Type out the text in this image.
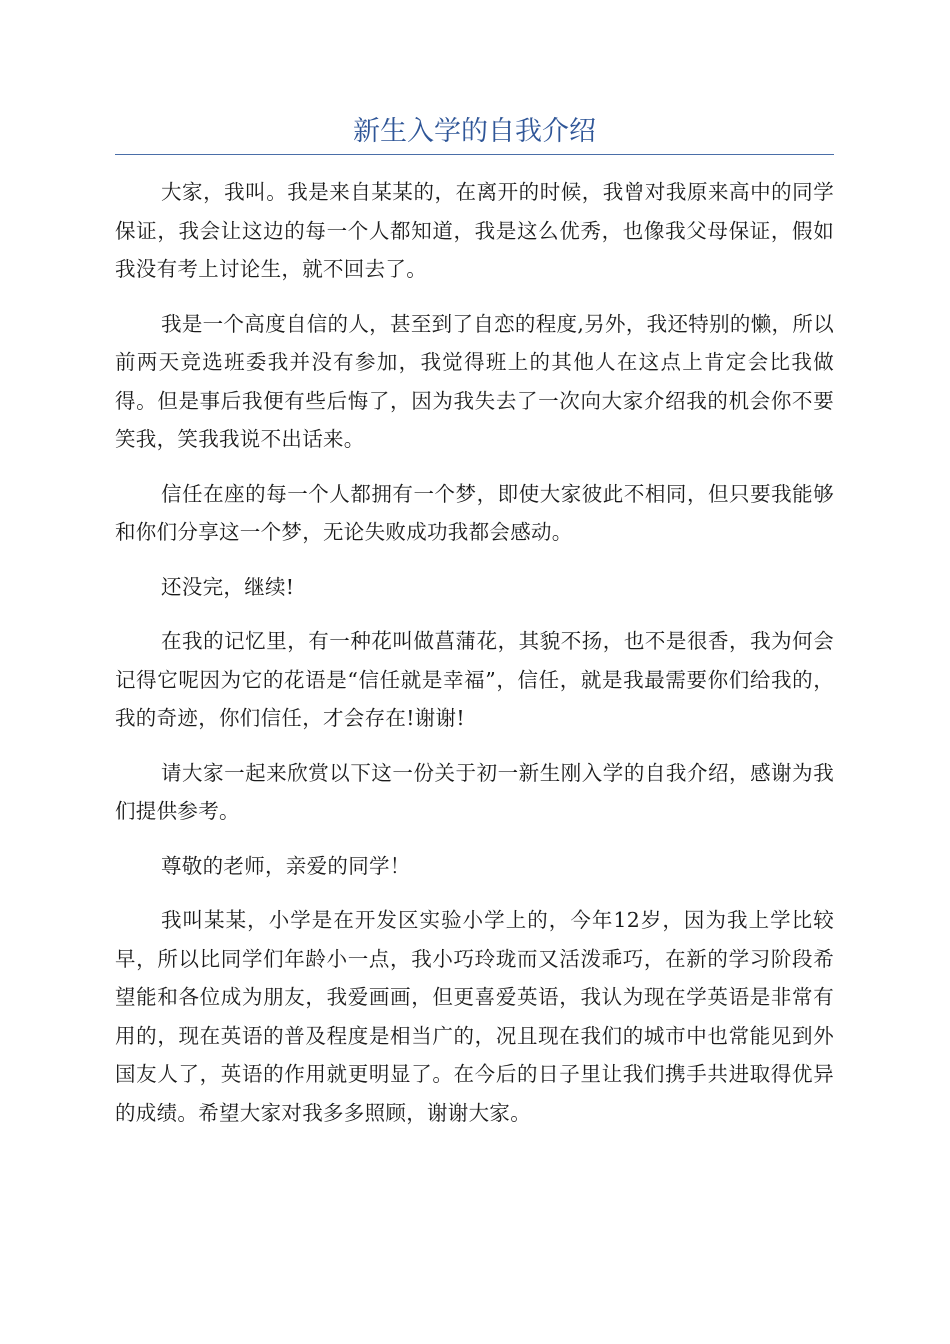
新生入学的自我介绍

大家，我叫。我是来自某某的，在离开的时候，我曾对我原来高中的同学保证，我会让这边的每一个人都知道，我是这么优秀，也像我父母保证，假如我没有考上讨论生，就不回去了。

我是一个高度自信的人，甚至到了自恋的程度,另外，我还特别的懒，所以前两天竞选班委我并没有参加，我觉得班上的其他人在这点上肯定会比我做得。但是事后我便有些后悔了，因为我失去了一次向大家介绍我的机会你不要笑我，笑我我说不出话来。

信任在座的每一个人都拥有一个梦，即使大家彼此不相同，但只要我能够和你们分享这一个梦，无论失败成功我都会感动。

还没完，继续!

在我的记忆里，有一种花叫做菖蒲花，其貌不扬，也不是很香，我为何会记得它呢因为它的花语是“信任就是幸福”，信任，就是我最需要你们给我的，我的奇迹，你们信任，才会存在!谢谢!

请大家一起来欣赏以下这一份关于初一新生刚入学的自我介绍，感谢为我们提供参考。

尊敬的老师，亲爱的同学！

我叫某某，小学是在开发区实验小学上的，今年12岁，因为我上学比较早，所以比同学们年龄小一点，我小巧玲珑而又活泼乖巧，在新的学习阶段希望能和各位成为朋友，我爱画画，但更喜爱英语，我认为现在学英语是非常有用的，现在英语的普及程度是相当广的，况且现在我们的城市中也常能见到外国友人了，英语的作用就更明显了。在今后的日子里让我们携手共进取得优异的成绩。希望大家对我多多照顾，谢谢大家。
